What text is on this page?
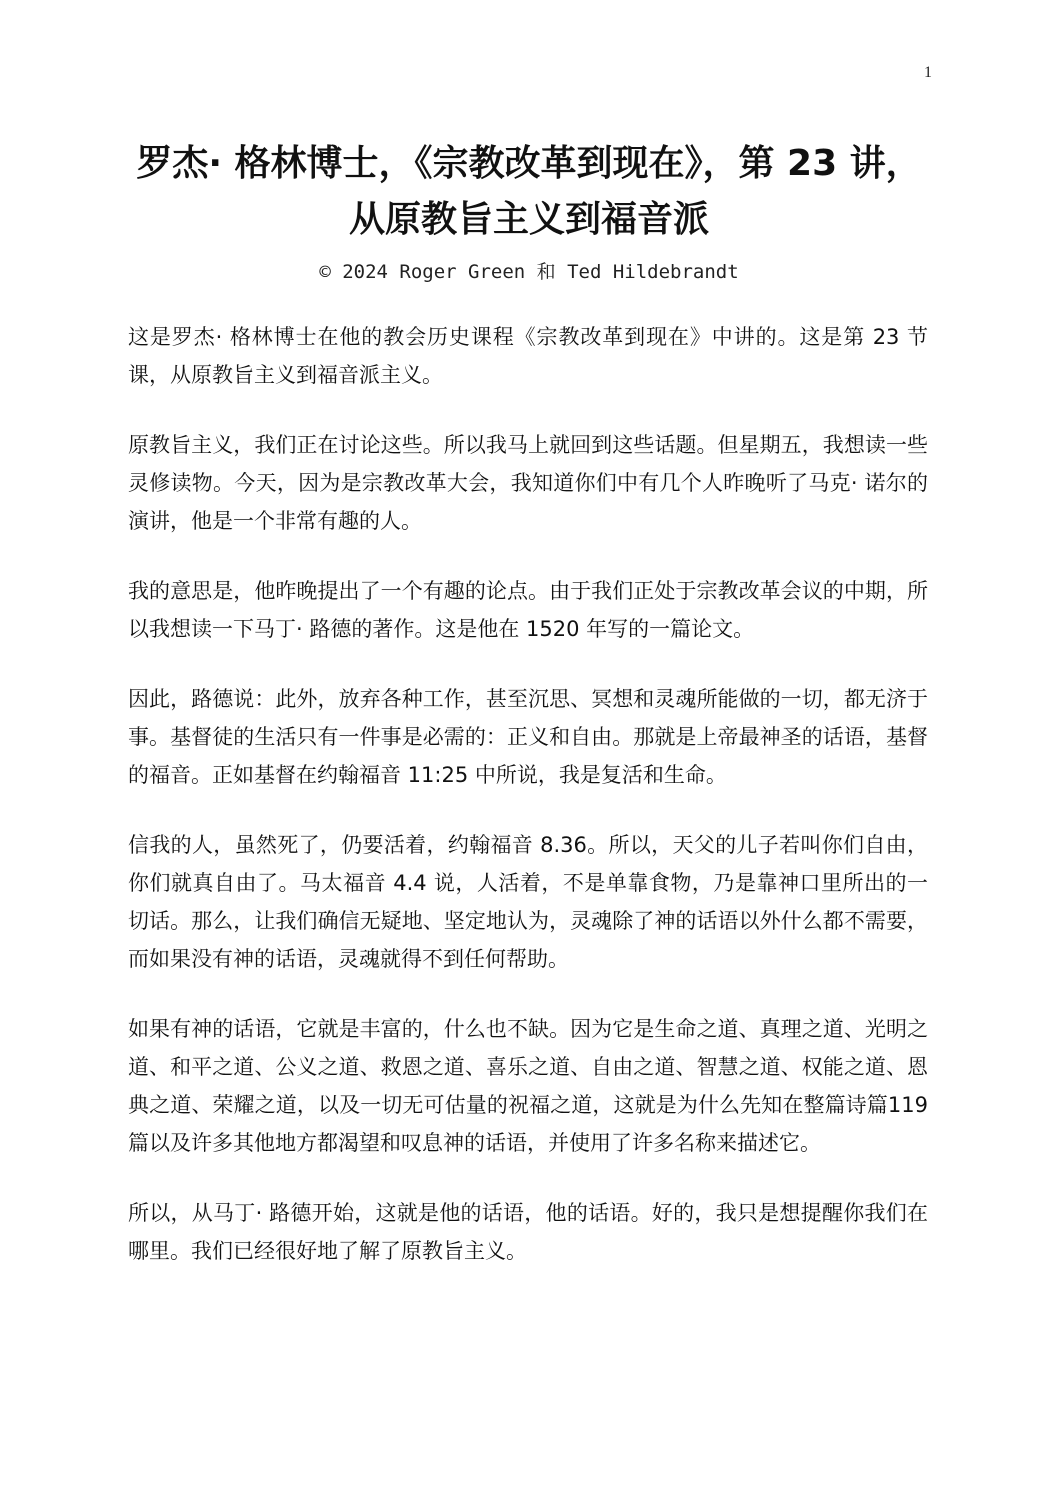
1
罗杰· 格林博士，《宗教改革到现在》，第 23 讲，从原教旨主义到福音派
© 2024 Roger Green 和 Ted Hildebrandt

这是罗杰· 格林博士在他的教会历史课程《宗教改革到现在》中讲的。这是第 23 节课，从原教旨主义到福音派主义。

原教旨主义，我们正在讨论这些。所以我马上就回到这些话题。但星期五，我想读一些灵修读物。今天，因为是宗教改革大会，我知道你们中有几个人昨晚听了马克· 诺尔的演讲，他是一个非常有趣的人。

我的意思是，他昨晚提出了一个有趣的论点。由于我们正处于宗教改革会议的中期，所以我想读一下马丁· 路德的著作。这是他在 1520 年写的一篇论文。

因此，路德说：此外，放弃各种工作，甚至沉思、冥想和灵魂所能做的一切，都无济于事。基督徒的生活只有一件事是必需的：正义和自由。那就是上帝最神圣的话语，基督的福音。正如基督在约翰福音 11:25 中所说，我是复活和生命。

信我的人，虽然死了，仍要活着，约翰福音 8.36。所以，天父的儿子若叫你们自由，你们就真自由了。马太福音 4.4 说，人活着，不是单靠食物，乃是靠神口里所出的一切话。那么，让我们确信无疑地、坚定地认为，灵魂除了神的话语以外什么都不需要，而如果没有神的话语，灵魂就得不到任何帮助。

如果有神的话语，它就是丰富的，什么也不缺。因为它是生命之道、真理之道、光明之道、和平之道、公义之道、救恩之道、喜乐之道、自由之道、智慧之道、权能之道、恩典之道、荣耀之道，以及一切无可估量的祝福之道，这就是为什么先知在整篇诗篇119篇以及许多其他地方都渴望和叹息神的话语，并使用了许多名称来描述它。

所以，从马丁· 路德开始，这就是他的话语，他的话语。好的，我只是想提醒你我们在哪里。我们已经很好地了解了原教旨主义。
